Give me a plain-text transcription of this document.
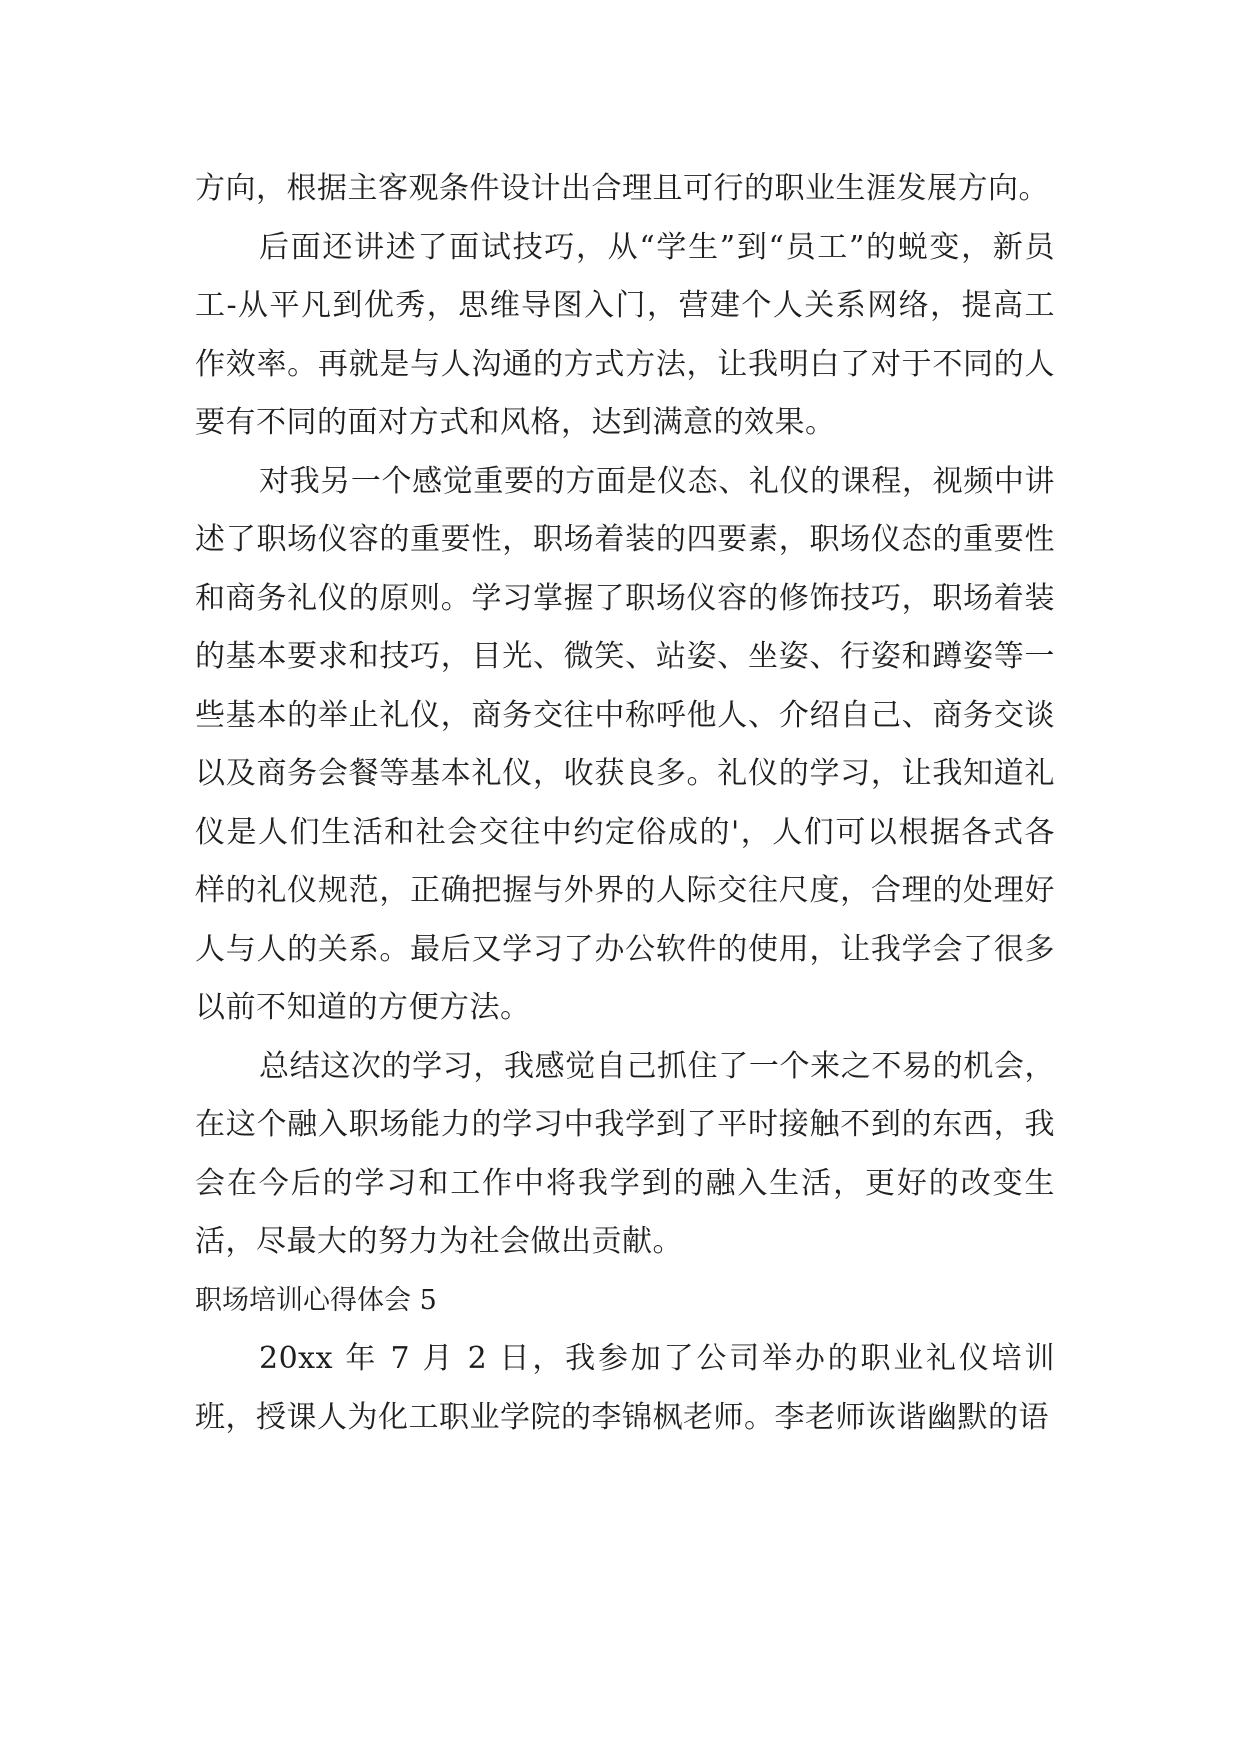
方向，根据主客观条件设计出合理且可行的职业生涯发展方向。

后面还讲述了面试技巧，从“学生”到“员工”的蜕变，新员工-从平凡到优秀，思维导图入门，营建个人关系网络，提高工作效率。再就是与人沟通的方式方法，让我明白了对于不同的人要有不同的面对方式和风格，达到满意的效果。

对我另一个感觉重要的方面是仪态、礼仪的课程，视频中讲述了职场仪容的重要性，职场着装的四要素，职场仪态的重要性和商务礼仪的原则。学习掌握了职场仪容的修饰技巧，职场着装的基本要求和技巧，目光、微笑、站姿、坐姿、行姿和蹲姿等一些基本的举止礼仪，商务交往中称呼他人、介绍自己、商务交谈以及商务会餐等基本礼仪，收获良多。礼仪的学习，让我知道礼仪是人们生活和社会交往中约定俗成的'，人们可以根据各式各样的礼仪规范，正确把握与外界的人际交往尺度，合理的处理好人与人的关系。最后又学习了办公软件的使用，让我学会了很多以前不知道的方便方法。

总结这次的学习，我感觉自己抓住了一个来之不易的机会，在这个融入职场能力的学习中我学到了平时接触不到的东西，我会在今后的学习和工作中将我学到的融入生活，更好的改变生活，尽最大的努力为社会做出贡献。

职场培训心得体会 5

20xx 年 7 月 2 日，我参加了公司举办的职业礼仪培训班，授课人为化工职业学院的李锦枫老师。李老师诙谐幽默的语
